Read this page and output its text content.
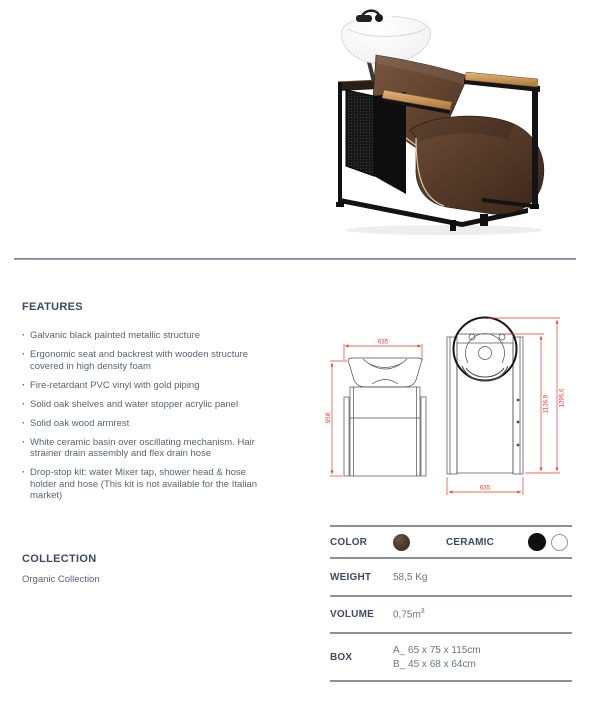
FEATURES
· Galvanic black painted metallic structure
· Ergonomic seat and backrest with wooden structure covered in high density foam
· Fire-retardant PVC vinyl with gold piping
· Solid oak shelves and water stopper acrylic panel
· Solid oak wood armrest
· White ceramic basin over oscillating mechanism. Hair strainer drain assembly and flex drain hose
· Drop-stop kit: water Mixer tap, shower head & hose holder and hose (This kit is not available for the Italian market)
COLLECTION
Organic Collection
635
958
635
1136,9 1295,6
COLOR	CERAMIC
WEIGHT	58,5 Kg
VOLUME	$0,75m^3$
BOX
A_ 65 x 75 x 115cm
B_ 45 x 68 x 64cm
